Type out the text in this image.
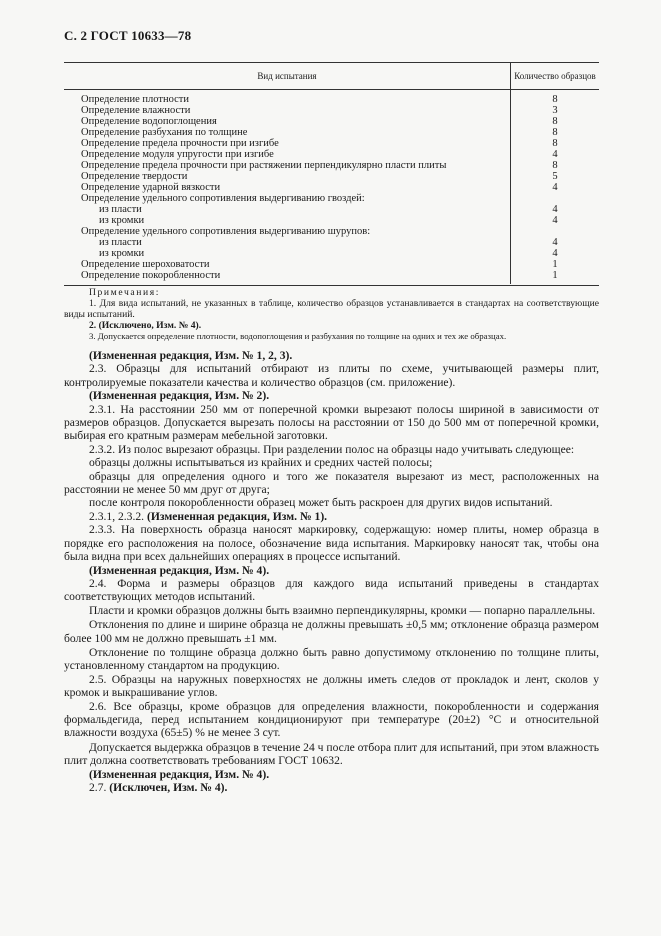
С. 2 ГОСТ 10633—78
Вид испытания	Количество образцов
Определение плотности	8
Определение влажности	3
Определение водопоглощения	8
Определение разбухания по толщине	8
Определение предела прочности при изгибе	8
Определение модуля упругости при изгибе	4
Определение предела прочности при растяжении перпендикулярно пласти плиты	8
Определение твердости	5
Определение ударной вязкости	4
Определение удельного сопротивления выдергиванию гвоздей:	
из пласти	4
из кромки	4
Определение удельного сопротивления выдергиванию шурупов:	
из пласти	4
из кромки	4
Определение шероховатости	1
Определение покоробленности	1

Примечания:

1. Для вида испытаний, не указанных в таблице, количество образцов устанавливается в стандартах на соответствующие виды испытаний.

2. (Исключено, Изм. № 4).

3. Допускается определение плотности, водопоглощения и разбухания по толщине на одних и тех же образцах.

(Измененная редакция, Изм. № 1, 2, 3).

2.3. Образцы для испытаний отбирают из плиты по схеме, учитывающей размеры плит, контролируемые показатели качества и количество образцов (см. приложение).

(Измененная редакция, Изм. № 2).

2.3.1. На расстоянии 250 мм от поперечной кромки вырезают полосы шириной в зависимости от размеров образцов. Допускается вырезать полосы на расстоянии от 150 до 500 мм от поперечной кромки, выбирая его кратным размерам мебельной заготовки.

2.3.2. Из полос вырезают образцы. При разделении полос на образцы надо учитывать следующее:

образцы должны испытываться из крайних и средних частей полосы;

образцы для определения одного и того же показателя вырезают из мест, расположенных на расстоянии не менее 50 мм друг от друга;

после контроля покоробленности образец может быть раскроен для других видов испытаний.

2.3.1, 2.3.2. (Измененная редакция, Изм. № 1).

2.3.3. На поверхность образца наносят маркировку, содержащую: номер плиты, номер образца в порядке его расположения на полосе, обозначение вида испытания. Маркировку наносят так, чтобы она была видна при всех дальнейших операциях в процессе испытаний.

(Измененная редакция, Изм. № 4).

2.4. Форма и размеры образцов для каждого вида испытаний приведены в стандартах соответствующих методов испытаний.

Пласти и кромки образцов должны быть взаимно перпендикулярны, кромки — попарно параллельны.

Отклонения по длине и ширине образца не должны превышать ±0,5 мм; отклонение образца размером более 100 мм не должно превышать ±1 мм.

Отклонение по толщине образца должно быть равно допустимому отклонению по толщине плиты, установленному стандартом на продукцию.

2.5. Образцы на наружных поверхностях не должны иметь следов от прокладок и лент, сколов у кромок и выкрашивание углов.

2.6. Все образцы, кроме образцов для определения влажности, покоробленности и содержания формальдегида, перед испытанием кондиционируют при температуре (20±2) °C и относительной влажности воздуха (65±5) % не менее 3 сут.

Допускается выдержка образцов в течение 24 ч после отбора плит для испытаний, при этом влажность плит должна соответствовать требованиям ГОСТ 10632.

(Измененная редакция, Изм. № 4).

2.7. (Исключен, Изм. № 4).
